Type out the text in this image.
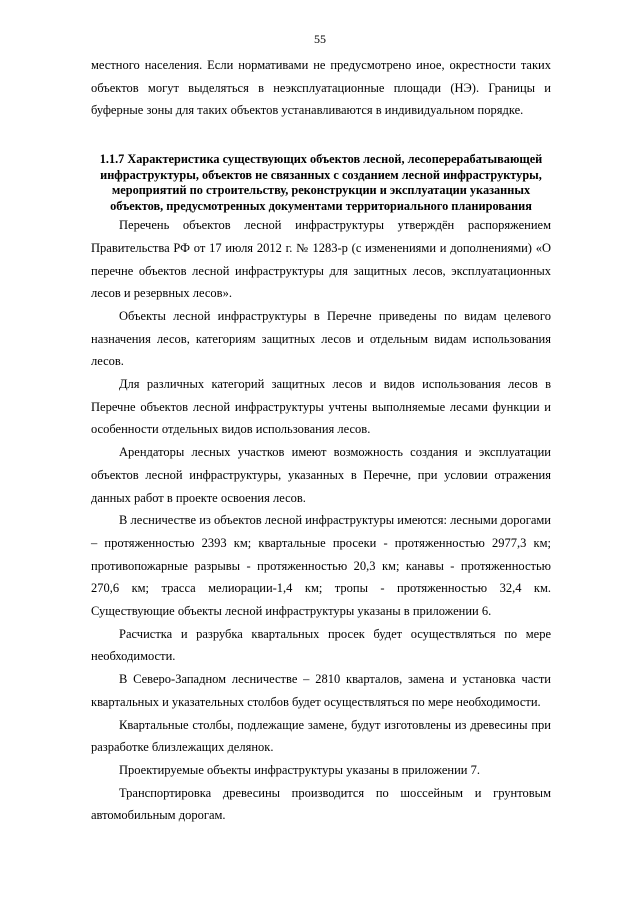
55

местного населения. Если нормативами не предусмотрено иное, окрестности таких объектов могут выделяться в неэксплуатационные площади (НЭ). Границы и буферные зоны для таких объектов устанавливаются в индивидуальном порядке.

1.1.7 Характеристика существующих объектов лесной, лесоперерабатывающей инфраструктуры, объектов не связанных с созданием лесной инфраструктуры, мероприятий по строительству, реконструкции и эксплуатации указанных объектов, предусмотренных документами территориального планирования

Перечень объектов лесной инфраструктуры утверждён распоряжением Правительства РФ от 17 июля 2012 г. № 1283-р (с изменениями и дополнениями) «О перечне объектов лесной инфраструктуры для защитных лесов, эксплуатационных лесов и резервных лесов».

Объекты лесной инфраструктуры в Перечне приведены по видам целевого назначения лесов, категориям защитных лесов и отдельным видам использования лесов.

Для различных категорий защитных лесов и видов использования лесов в Перечне объектов лесной инфраструктуры учтены выполняемые лесами функции и особенности отдельных видов использования лесов.

Арендаторы лесных участков имеют возможность создания и эксплуатации объектов лесной инфраструктуры, указанных в Перечне, при условии отражения данных работ в проекте освоения лесов.

В лесничестве из объектов лесной инфраструктуры имеются: лесными дорогами – протяженностью 2393 км; квартальные просеки - протяженностью 2977,3 км; противопожарные разрывы - протяженностью 20,3 км; канавы - протяженностью 270,6 км; трасса мелиорации-1,4 км; тропы - протяженностью 32,4 км. Существующие объекты лесной инфраструктуры указаны в приложении 6.

Расчистка и разрубка квартальных просек будет осуществляться по мере необходимости.

В Северо-Западном лесничестве – 2810 кварталов, замена и установка части квартальных и указательных столбов будет осуществляться по мере необходимости.

Квартальные столбы, подлежащие замене, будут изготовлены из древесины при разработке близлежащих делянок.

Проектируемые объекты инфраструктуры указаны в приложении 7.

Транспортировка древесины производится по шоссейным и грунтовым автомобильным дорогам.
